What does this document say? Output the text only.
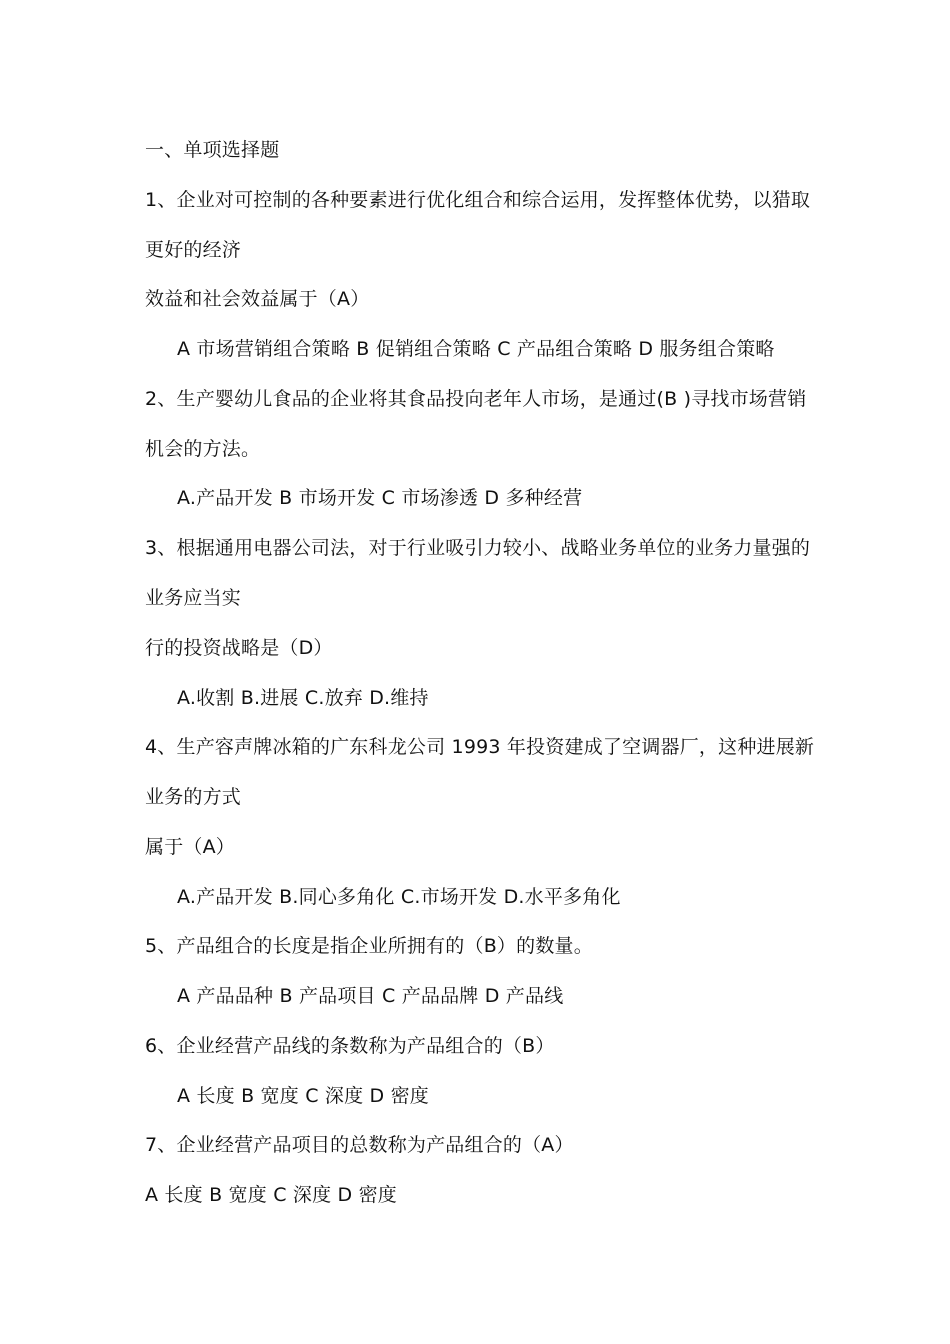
一、单项选择题
1、企业对可控制的各种要素进行优化组合和综合运用，发挥整体优势，以猎取
更好的经济
效益和社会效益属于（A）
A 市场营销组合策略 B 促销组合策略 C 产品组合策略 D 服务组合策略
2、生产婴幼儿食品的企业将其食品投向老年人市场，是通过(B )寻找市场营销
机会的方法。
A.产品开发 B 市场开发 C 市场渗透 D 多种经营
3、根据通用电器公司法，对于行业吸引力较小、战略业务单位的业务力量强的
业务应当实
行的投资战略是（D）
A.收割 B.进展 C.放弃 D.维持
4、生产容声牌冰箱的广东科龙公司 1993 年投资建成了空调器厂，这种进展新
业务的方式
属于（A）
A.产品开发 B.同心多角化 C.市场开发 D.水平多角化
5、产品组合的长度是指企业所拥有的（B）的数量。
A 产品品种 B 产品项目 C 产品品牌 D 产品线
6、企业经营产品线的条数称为产品组合的（B）
A 长度 B 宽度 C 深度 D 密度
7、企业经营产品项目的总数称为产品组合的（A）
A 长度 B 宽度 C 深度 D 密度
